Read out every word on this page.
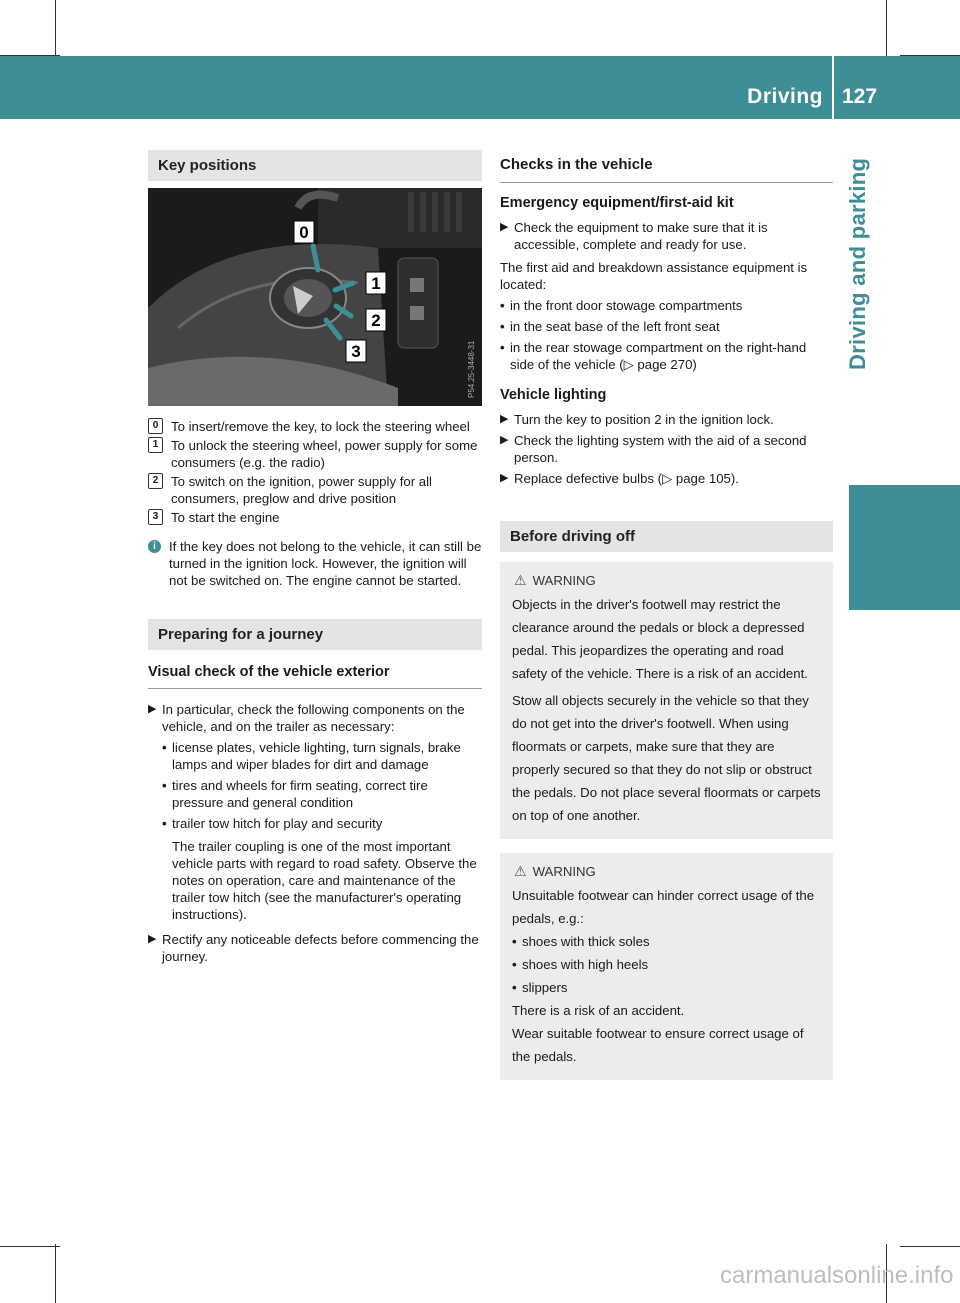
Driving 127
Driving and parking
Key positions
0
1
2
3	P54.25-3448-31
0 To insert/remove the key, to lock the steering wheel
1 To unlock the steering wheel, power supply for some consumers (e.g. the radio)
2 To switch on the ignition, power supply for all consumers, preglow and drive position
3 To start the engine
i If the key does not belong to the vehicle, it can still be turned in the ignition lock. However, the ignition will not be switched on. The engine cannot be started.
Preparing for a journey
Visual check of the vehicle exterior
▶ In particular, check the following components on the vehicle, and on the trailer as necessary:
• license plates, vehicle lighting, turn signals, brake lamps and wiper blades for dirt and damage
• tires and wheels for firm seating, correct tire pressure and general condition
• trailer tow hitch for play and security
The trailer coupling is one of the most important vehicle parts with regard to road safety. Observe the notes on operation, care and maintenance of the trailer tow hitch (see the manufacturer's operating instructions).
▶ Rectify any noticeable defects before commencing the journey.
Checks in the vehicle
Emergency equipment/first-aid kit
▶ Check the equipment to make sure that it is accessible, complete and ready for use.
The first aid and breakdown assistance equipment is located:
• in the front door stowage compartments
• in the seat base of the left front seat
• in the rear stowage compartment on the right-hand side of the vehicle (▷ page 270)
Vehicle lighting
▶ Turn the key to position 2 in the ignition lock.
▶ Check the lighting system with the aid of a second person.
▶ Replace defective bulbs (▷ page 105).
Before driving off
⚠ WARNING
Objects in the driver's footwell may restrict the clearance around the pedals or block a depressed pedal. This jeopardizes the operating and road safety of the vehicle. There is a risk of an accident.
Stow all objects securely in the vehicle so that they do not get into the driver's footwell. When using floormats or carpets, make sure that they are properly secured so that they do not slip or obstruct the pedals. Do not place several floormats or carpets on top of one another.
⚠ WARNING
Unsuitable footwear can hinder correct usage of the pedals, e.g.:
• shoes with thick soles
• shoes with high heels
• slippers
There is a risk of an accident.
Wear suitable footwear to ensure correct usage of the pedals.
carmanualsonline.info
